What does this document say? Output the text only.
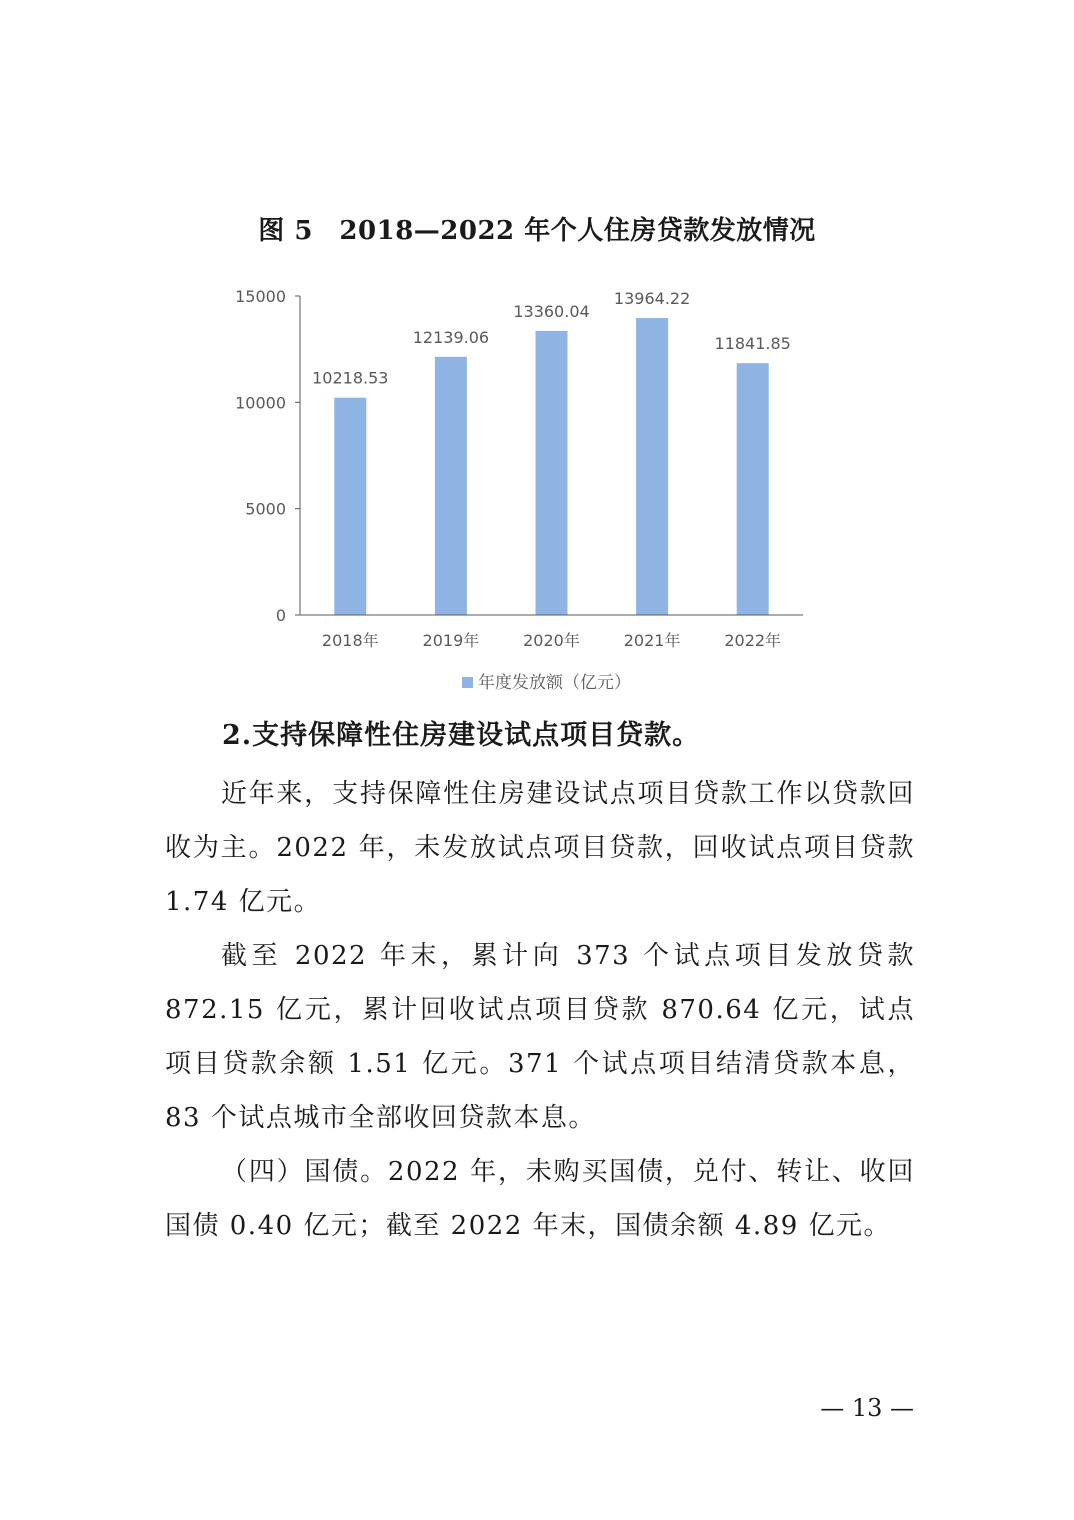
图 5　2018—2022 年个人住房贷款发放情况
0
5000
10000
15000
10218.53
12139.06
13360.04
13964.22
11841.85
2018年	2019年	2020年	2021年	2022年
年度发放额（亿元）
2.支持保障性住房建设试点项目贷款。

近年来，支持保障性住房建设试点项目贷款工作以贷款回收为主。2022 年，未发放试点项目贷款，回收试点项目贷款 1.74 亿元。

截至 2022 年末，累计向 373 个试点项目发放贷款 872.15 亿元，累计回收试点项目贷款 870.64 亿元，试点项目贷款余额 1.51 亿元。371 个试点项目结清贷款本息，83 个试点城市全部收回贷款本息。

（四）国债。2022 年，未购买国债，兑付、转让、收回国债 0.40 亿元；截至 2022 年末，国债余额 4.89 亿元。

— 13 —
